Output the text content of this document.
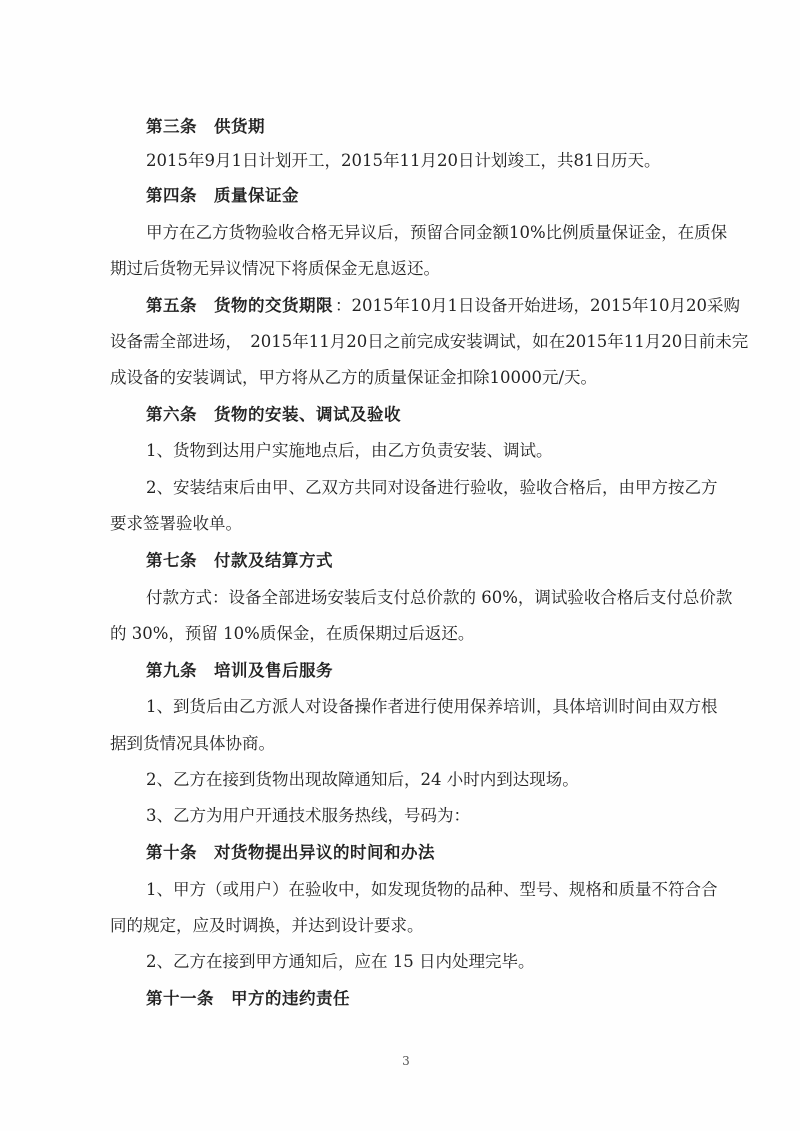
第三条　供货期
2015年9月1日计划开工，2015年11月20日计划竣工，共81日历天。
第四条　质量保证金
甲方在乙方货物验收合格无异议后，预留合同金额10%比例质量保证金，在质保
期过后货物无异议情况下将质保金无息返还。
第五条　货物的交货期限 ：2015年10月1日设备开始进场，2015年10月20采购
设备需全部进场，　2015年11月20日之前完成安装调试，如在2015年11月20日前未完
成设备的安装调试，甲方将从乙方的质量保证金扣除10000元/天。
第六条　货物的安装、调试及验收
1、货物到达用户实施地点后，由乙方负责安装、调试。
2、安装结束后由甲、乙双方共同对设备进行验收，验收合格后，由甲方按乙方
要求签署验收单。
第七条　付款及结算方式
付款方式：设备全部进场安装后支付总价款的 60%，调试验收合格后支付总价款
的 30%，预留 10%质保金，在质保期过后返还。
第九条　培训及售后服务
1、到货后由乙方派人对设备操作者进行使用保养培训，具体培训时间由双方根
据到货情况具体协商。
2、乙方在接到货物出现故障通知后，24 小时内到达现场。
3、乙方为用户开通技术服务热线，号码为：
第十条　对货物提出异议的时间和办法
1、甲方（或用户）在验收中，如发现货物的品种、型号、规格和质量不符合合
同的规定，应及时调换，并达到设计要求。
2、乙方在接到甲方通知后，应在 15 日内处理完毕。
第十一条　甲方的违约责任
3
